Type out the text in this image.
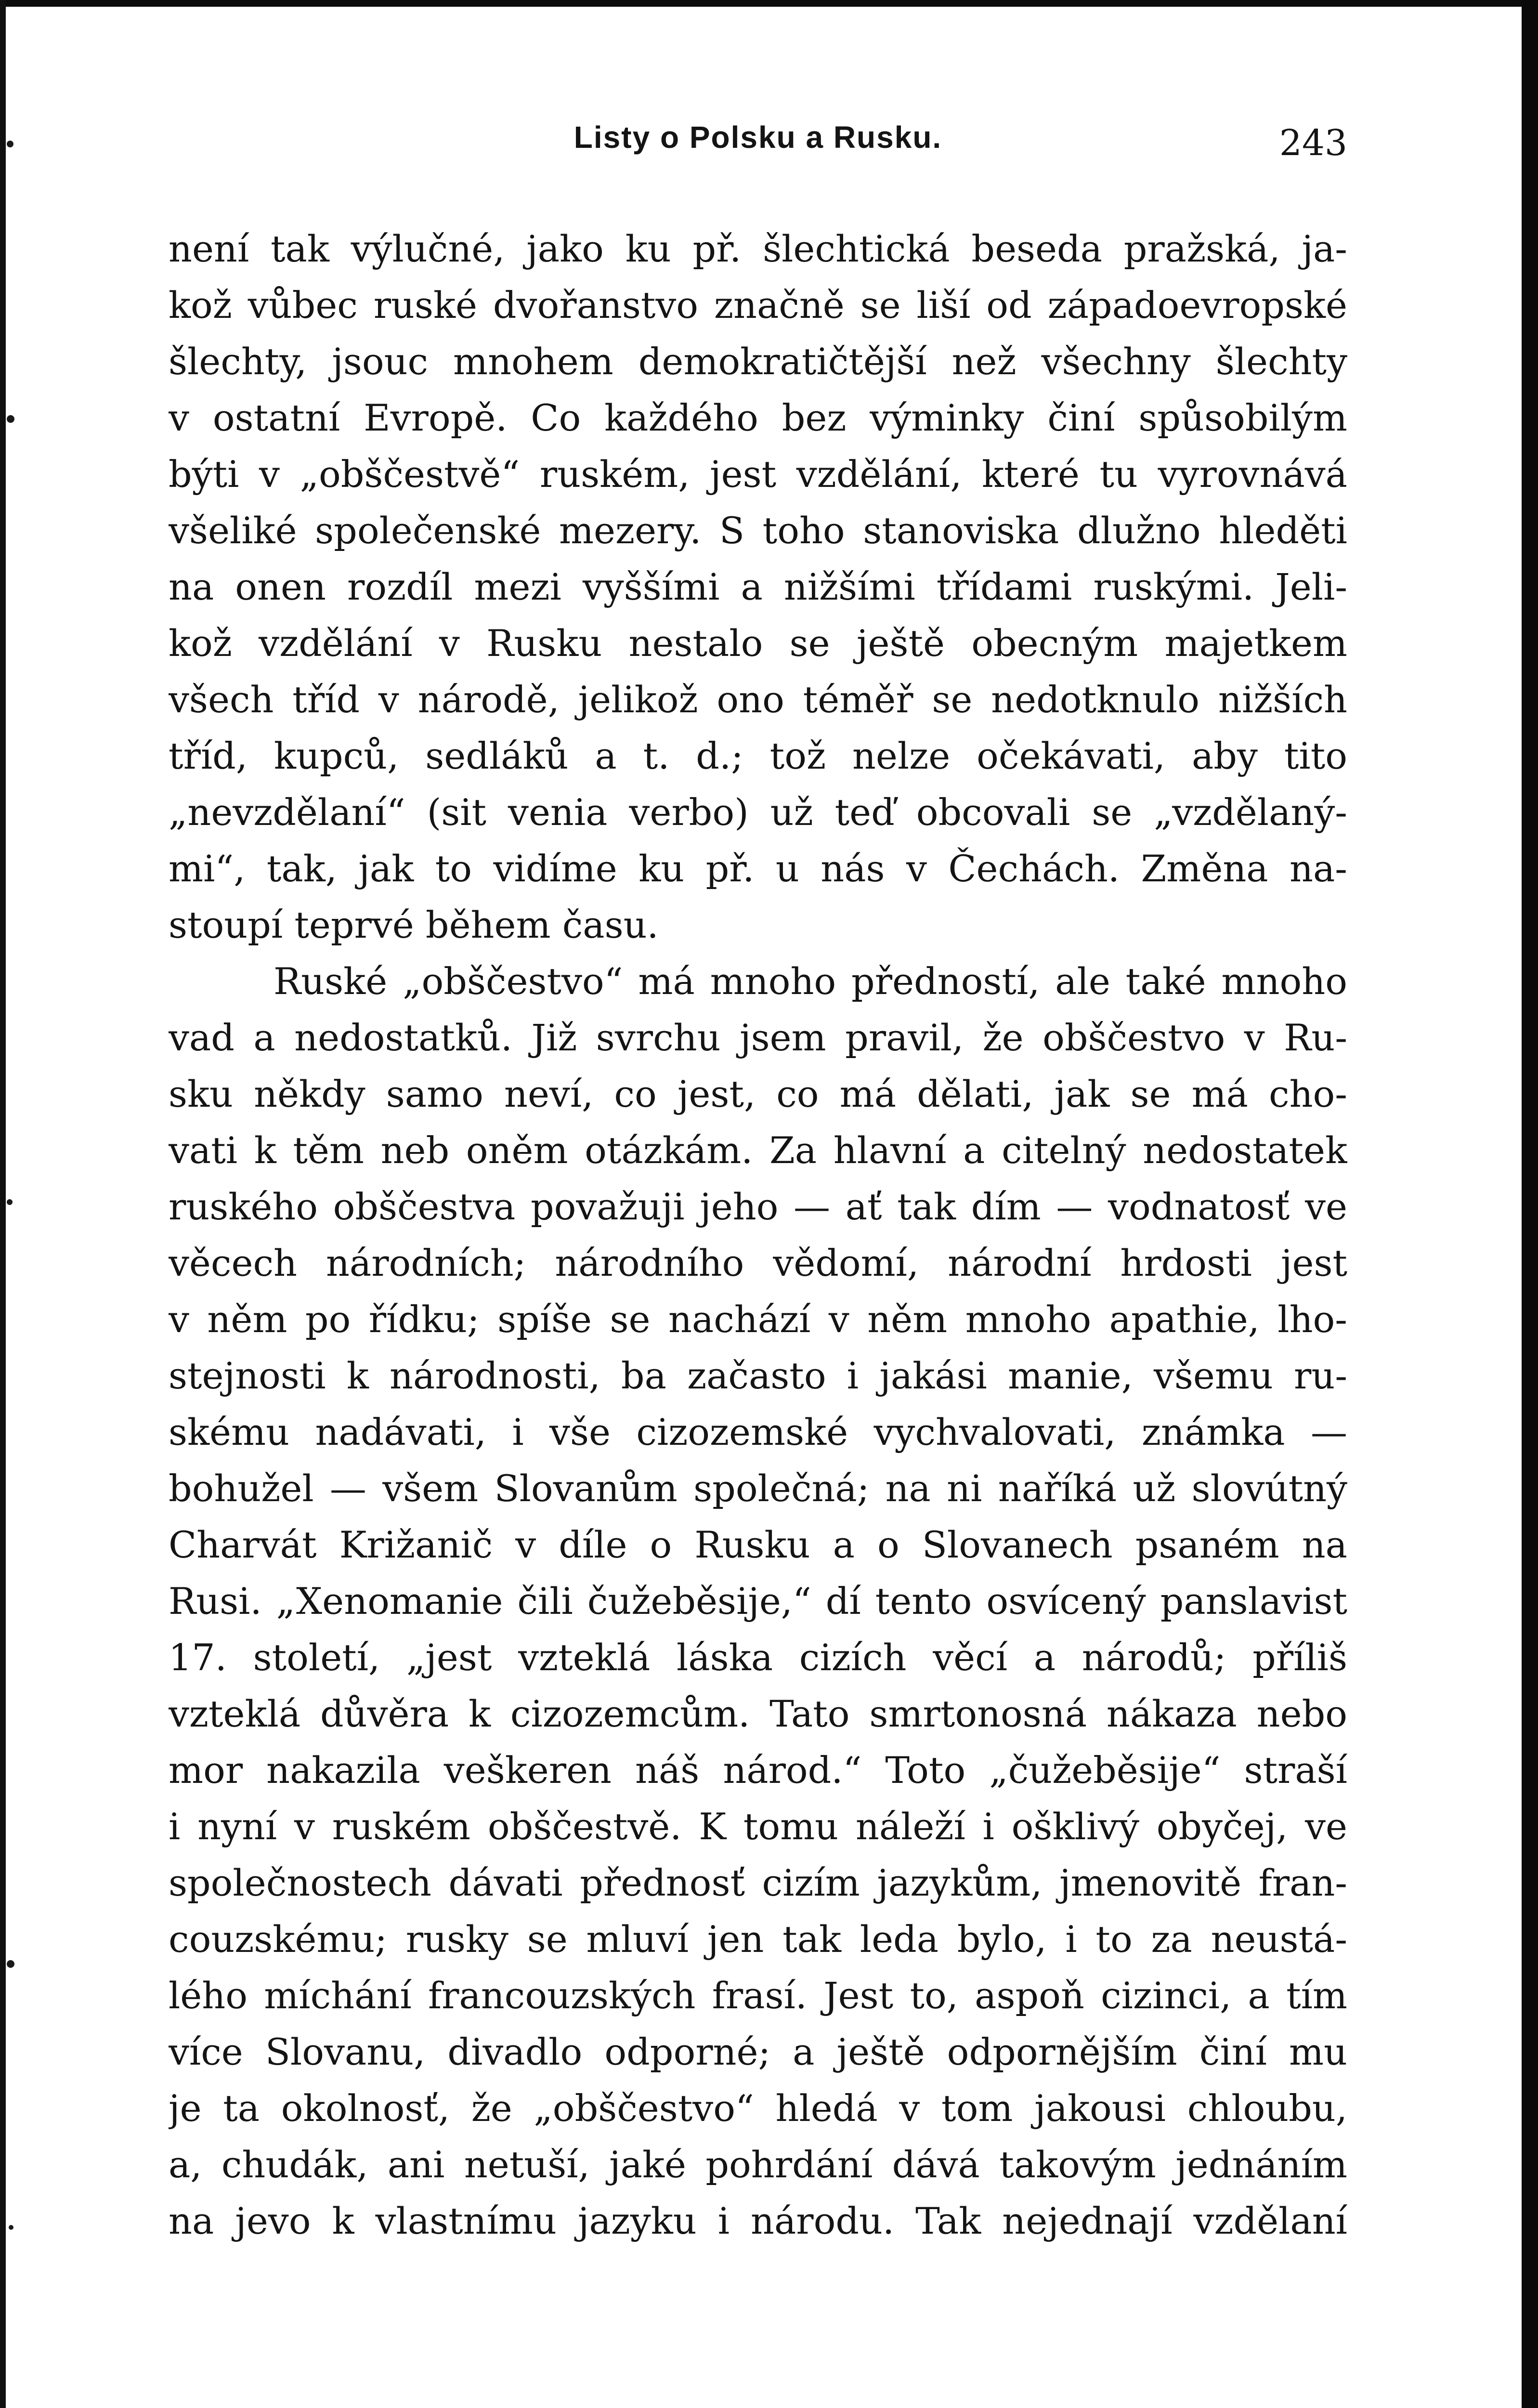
Listy o Polsku a Rusku.	243
není tak výlučné, jako ku př. šlechtická beseda pražská, ja-
kož vůbec ruské dvořanstvo značně se liší od západoevropské
šlechty, jsouc mnohem demokratičtější než všechny šlechty
v ostatní Evropě. Co každého bez výminky činí spůsobilým
býti v „obščestvě“ ruském, jest vzdělání, které tu vyrovnává
všeliké společenské mezery. S toho stanoviska dlužno hleděti
na onen rozdíl mezi vyššími a nižšími třídami ruskými. Jeli-
kož vzdělání v Rusku nestalo se ještě obecným majetkem
všech tříd v národě, jelikož ono téměř se nedotknulo nižších
tříd, kupců, sedláků a t. d.; tož nelze očekávati, aby tito
„nevzdělaní“ (sit venia verbo) už teď obcovali se „vzdělaný-
mi“, tak, jak to vidíme ku př. u nás v Čechách. Změna na-
stoupí teprvé během času.
Ruské „obščestvo“ má mnoho předností, ale také mnoho
vad a nedostatků. Již svrchu jsem pravil, že obščestvo v Ru-
sku někdy samo neví, co jest, co má dělati, jak se má cho-
vati k těm neb oněm otázkám. Za hlavní a citelný nedostatek
ruského obščestva považuji jeho — ať tak dím — vodnatosť ve
věcech národních; národního vědomí, národní hrdosti jest
v něm po řídku; spíše se nachází v něm mnoho apathie, lho-
stejnosti k národnosti, ba začasto i jakási manie, všemu ru-
skému nadávati, i vše cizozemské vychvalovati, známka —
bohužel — všem Slovanům společná; na ni naříká už slovútný
Charvát Križanič v díle o Rusku a o Slovanech psaném na
Rusi. „Xenomanie čili čužeběsije,“ dí tento osvícený panslavist
17. století, „jest vzteklá láska cizích věcí a národů; příliš
vzteklá důvěra k cizozemcům. Tato smrtonosná nákaza nebo
mor nakazila veškeren náš národ.“ Toto „čužeběsije“ straší
i nyní v ruském obščestvě. K tomu náleží i ošklivý obyčej, ve
společnostech dávati přednosť cizím jazykům, jmenovitě fran-
couzskému; rusky se mluví jen tak leda bylo, i to za neustá-
lého míchání francouzských frasí. Jest to, aspoň cizinci, a tím
více Slovanu, divadlo odporné; a ještě odpornějším činí mu
je ta okolnosť, že „obščestvo“ hledá v tom jakousi chloubu,
a, chudák, ani netuší, jaké pohrdání dává takovým jednáním
na jevo k vlastnímu jazyku i národu. Tak nejednají vzdělaní
